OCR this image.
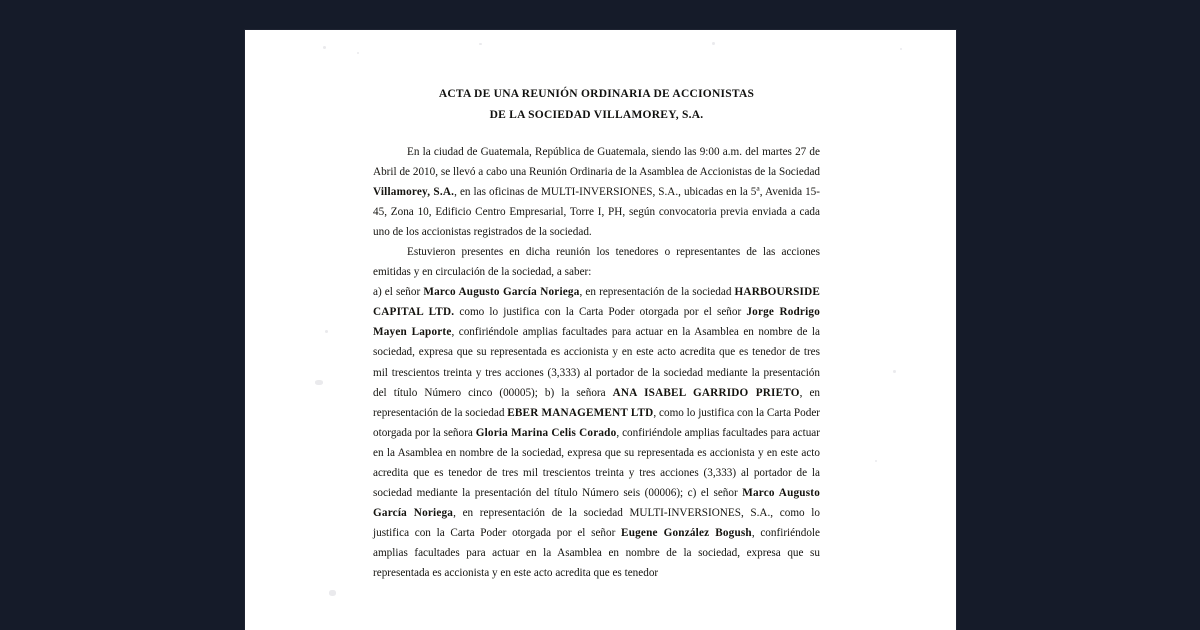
ACTA DE UNA REUNIÓN ORDINARIA DE ACCIONISTAS
DE LA SOCIEDAD VILLAMOREY, S.A.

En la ciudad de Guatemala, República de Guatemala, siendo las 9:00 a.m. del martes 27 de Abril de 2010, se llevó a cabo una Reunión Ordinaria de la Asamblea de Accionistas de la Sociedad Villamorey, S.A., en las oficinas de MULTI-INVERSIONES, S.A., ubicadas en la 5$^a$, Avenida 15-45, Zona 10, Edificio Centro Empresarial, Torre I, PH, según convocatoria previa enviada a cada uno de los accionistas registrados de la sociedad.

Estuvieron presentes en dicha reunión los tenedores o representantes de las acciones emitidas y en circulación de la sociedad, a saber:

a) el señor Marco Augusto García Noriega, en representación de la sociedad HARBOURSIDE CAPITAL LTD. como lo justifica con la Carta Poder otorgada por el señor Jorge Rodrigo Mayen Laporte, confiriéndole amplias facultades para actuar en la Asamblea en nombre de la sociedad, expresa que su representada es accionista y en este acto acredita que es tenedor de tres mil trescientos treinta y tres acciones (3,333) al portador de la sociedad mediante la presentación del título Número cinco (00005); b) la señora ANA ISABEL GARRIDO PRIETO, en representación de la sociedad EBER MANAGEMENT LTD, como lo justifica con la Carta Poder otorgada por la señora Gloria Marina Celis Corado, confiriéndole amplias facultades para actuar en la Asamblea en nombre de la sociedad, expresa que su representada es accionista y en este acto acredita que es tenedor de tres mil trescientos treinta y tres acciones (3,333) al portador de la sociedad mediante la presentación del título Número seis (00006); c) el señor Marco Augusto García Noriega, en representación de la sociedad MULTI-INVERSIONES, S.A., como lo justifica con la Carta Poder otorgada por el señor Eugene González Bogush, confiriéndole amplias facultades para actuar en la Asamblea en nombre de la sociedad, expresa que su representada es accionista y en este acto acredita que es tenedor
